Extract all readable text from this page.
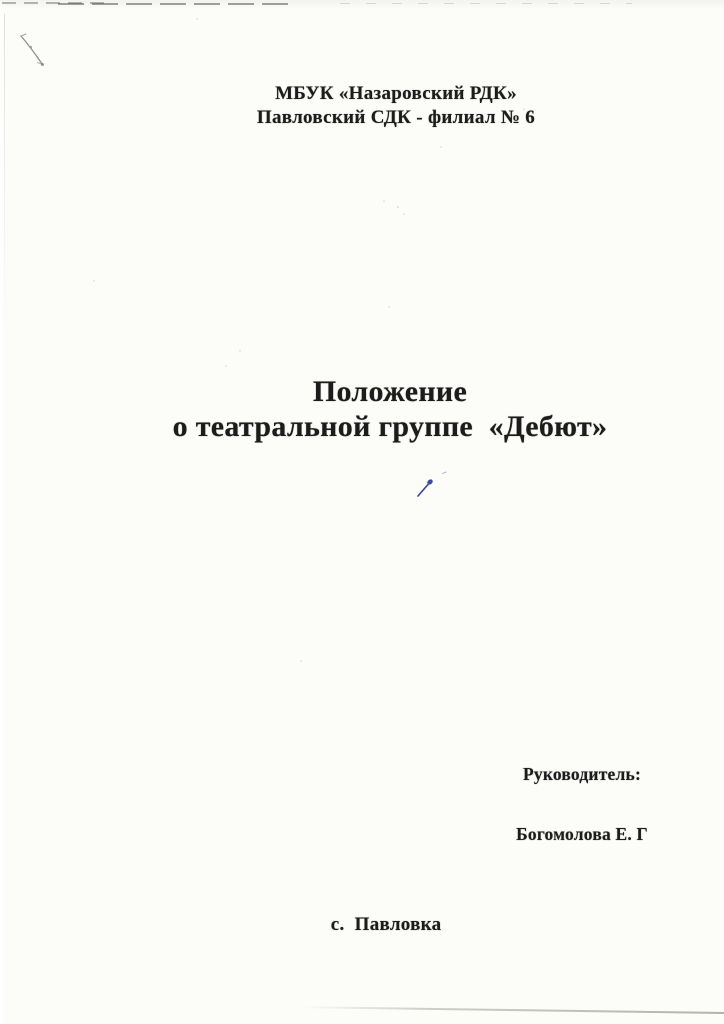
МБУК «Назаровский РДК»
Павловский СДК - филиал № 6
Положение
о театральной группе  «Дебют»

Руководитель:

Богомолова Е. Г

с.  Павловка
